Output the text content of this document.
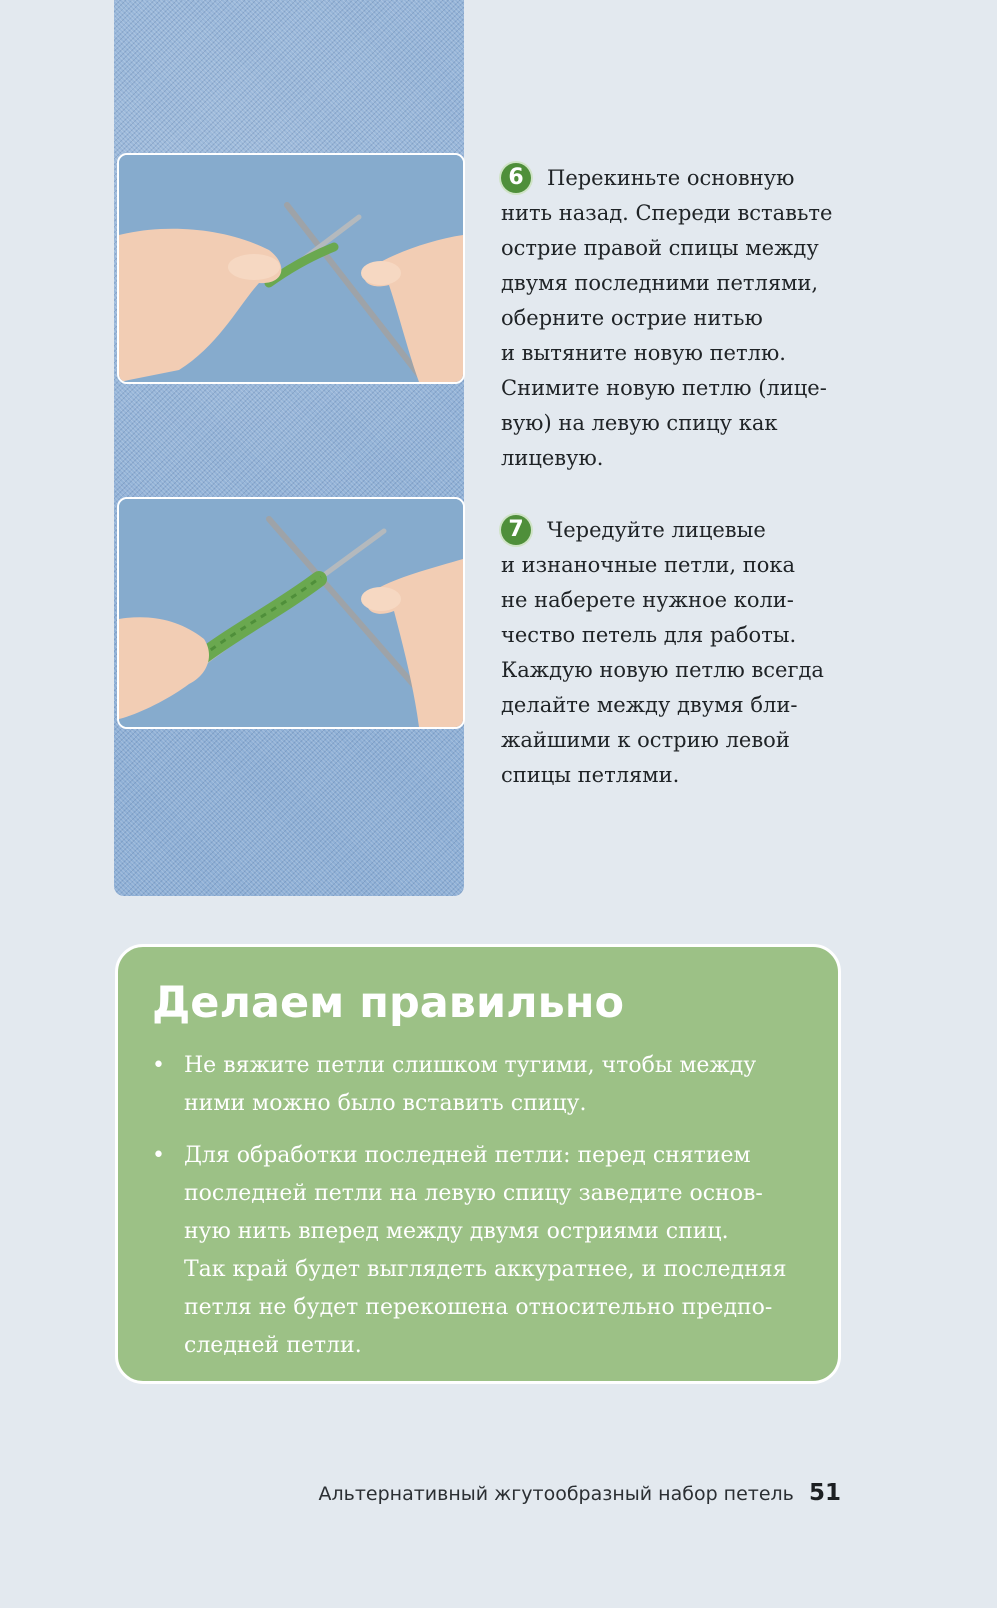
6 Перекиньте основную
нить назад. Спереди вставьте
острие правой спицы между
двумя последними петлями,
оберните острие нитью
и вытяните новую петлю.
Снимите новую петлю (лице-
вую) на левую спицу как
лицевую.
7 Чередуйте лицевые
и изнаночные петли, пока
не наберете нужное коли-
чество петель для работы.
Каждую новую петлю всегда
делайте между двумя бли-
жайшими к острию левой
спицы петлями.
Делаем правильно
• Не вяжите петли слишком тугими, чтобы между
ними можно было вставить спицу.
• Для обработки последней петли: перед снятием
последней петли на левую спицу заведите основ-
ную нить вперед между двумя остриями спиц.
Так край будет выглядеть аккуратнее, и последняя
петля не будет перекошена относительно предпо-
следней петли.
Альтернативный жгутообразный набор петель 51
